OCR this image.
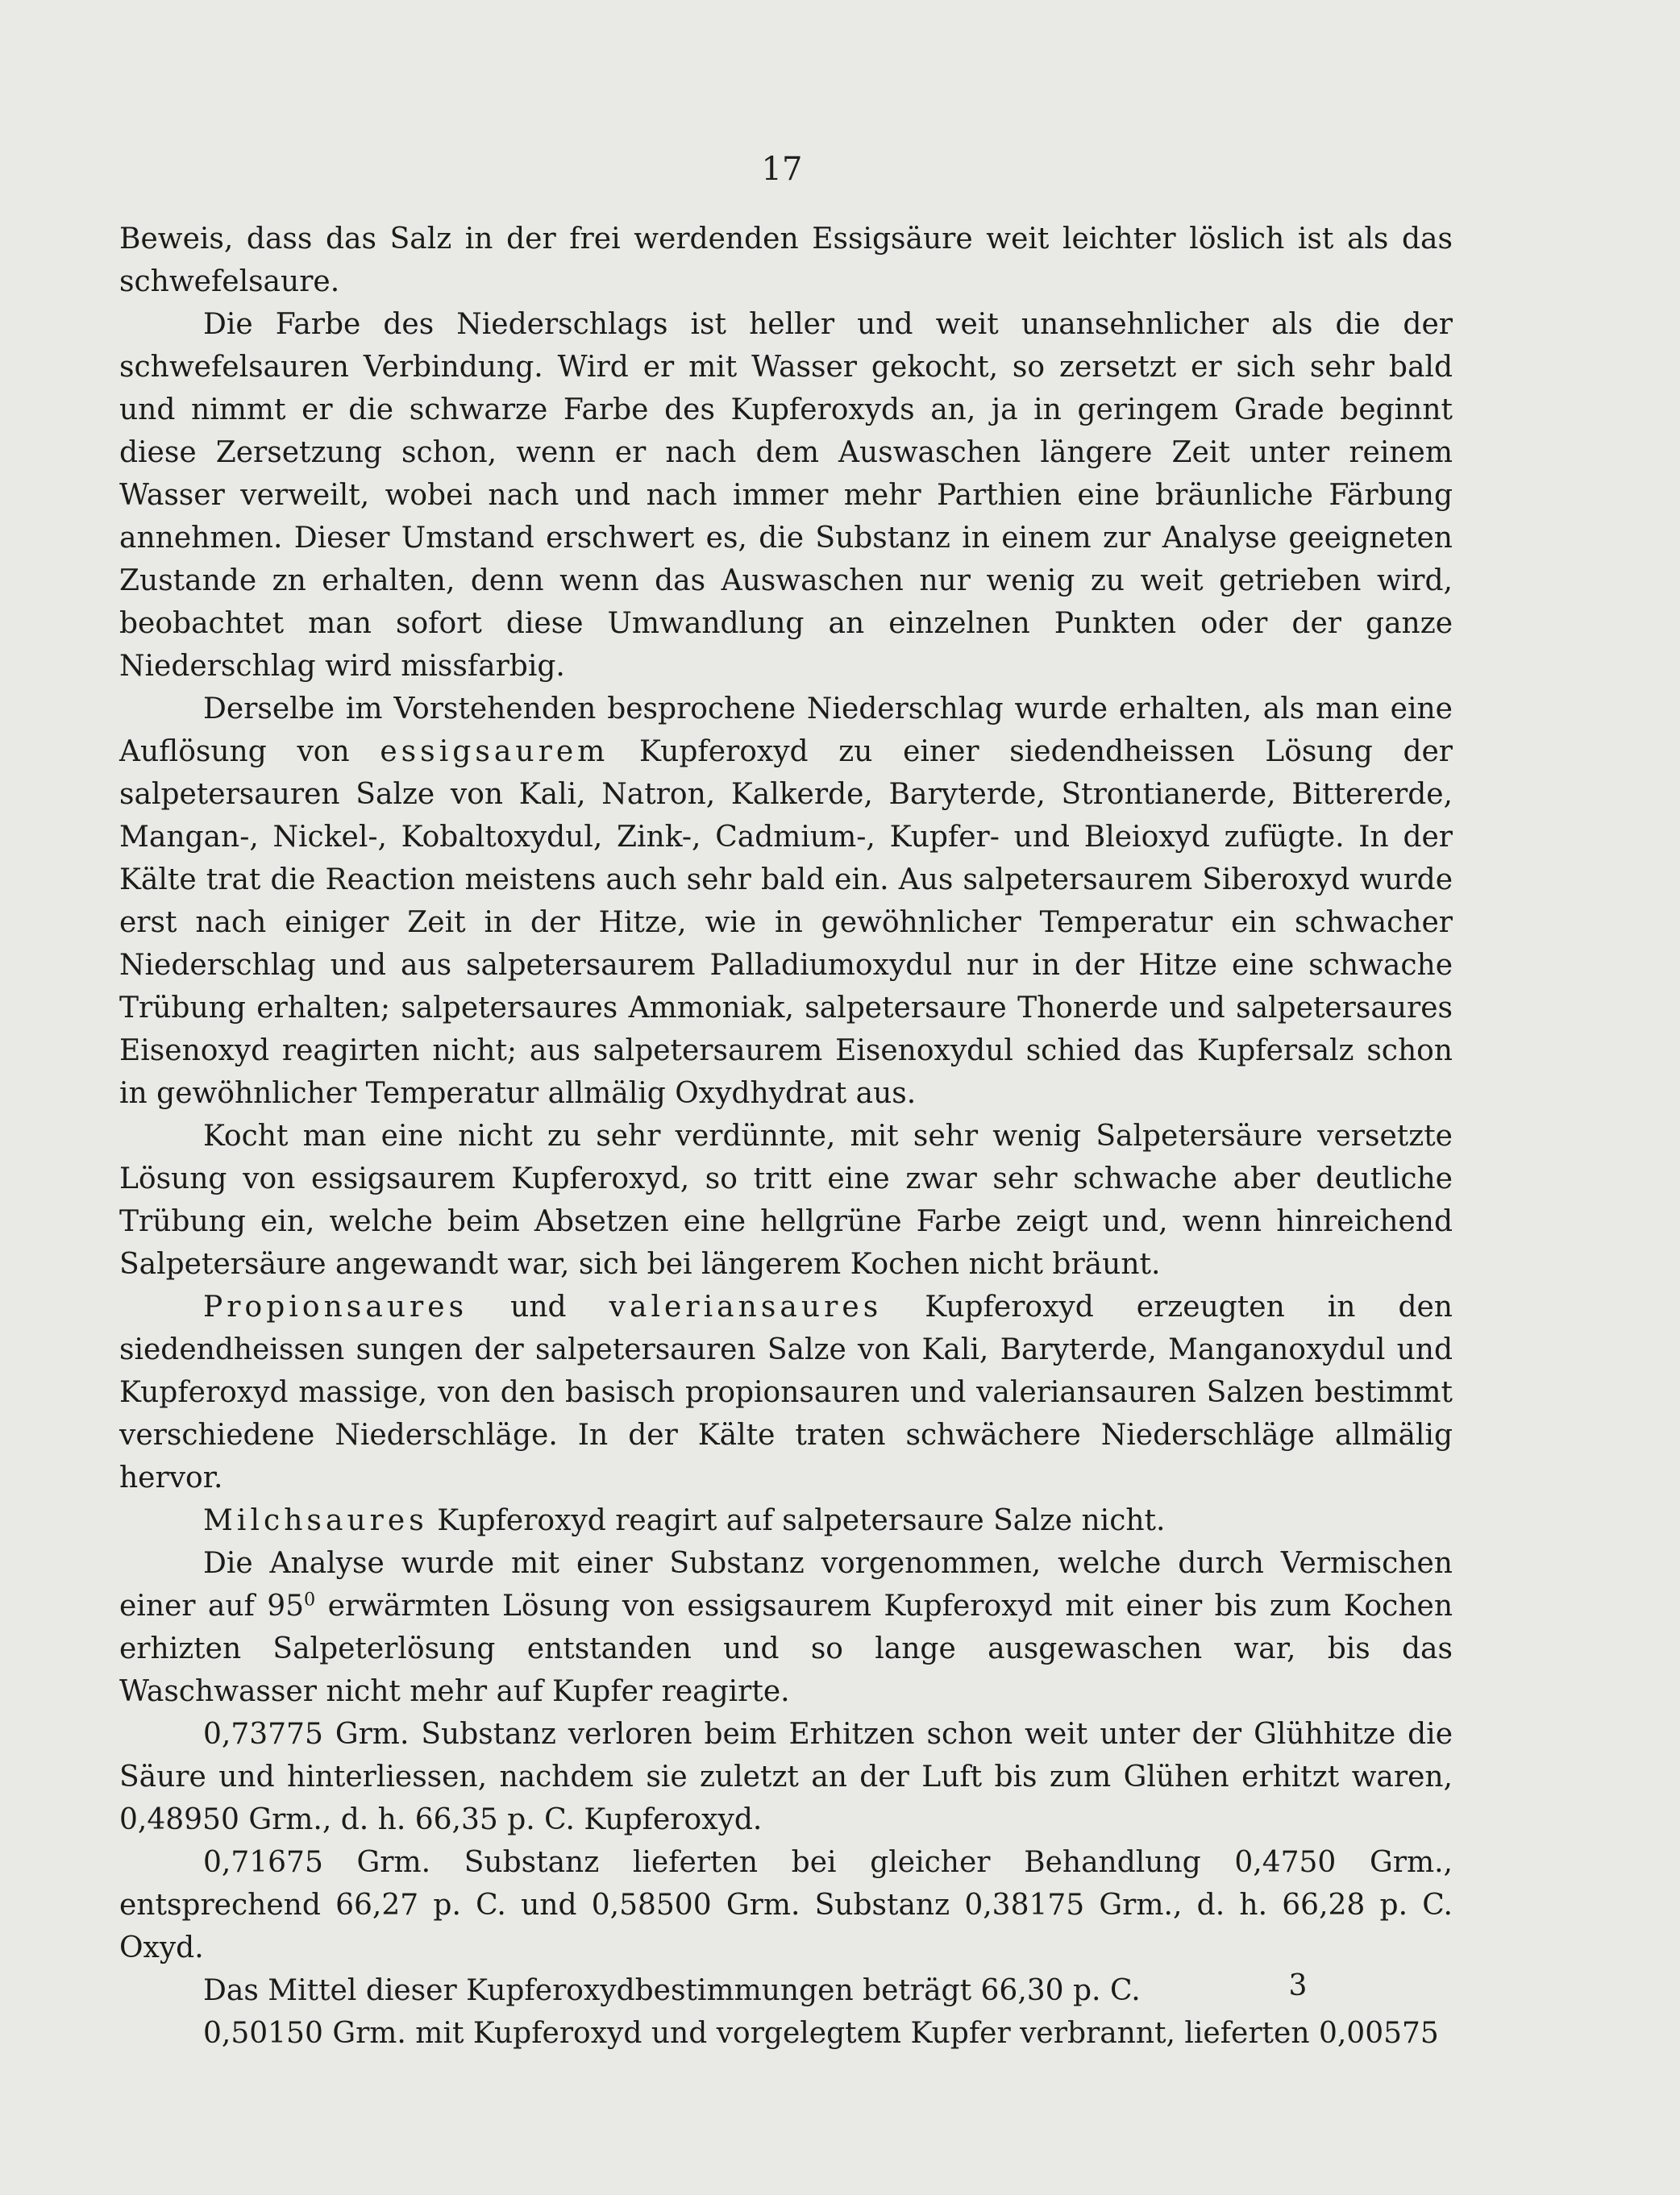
17

Beweis, dass das Salz in der frei werdenden Essigsäure weit leichter löslich ist als das schwefelsaure.

Die Farbe des Niederschlags ist heller und weit unansehnlicher als die der schwefelsauren Verbindung. Wird er mit Wasser gekocht, so zersetzt er sich sehr bald und nimmt er die schwarze Farbe des Kupferoxyds an, ja in geringem Grade beginnt diese Zersetzung schon, wenn er nach dem Auswaschen längere Zeit unter reinem Wasser verweilt, wobei nach und nach immer mehr Parthien eine bräunliche Färbung annehmen. Dieser Umstand erschwert es, die Substanz in einem zur Analyse geeigneten Zustande zn erhalten, denn wenn das Auswaschen nur wenig zu weit getrieben wird, beobachtet man sofort diese Umwandlung an einzelnen Punkten oder der ganze Niederschlag wird missfarbig.

Derselbe im Vorstehenden besprochene Niederschlag wurde erhalten, als man eine Auflösung von essigsaurem Kupferoxyd zu einer siedendheissen Lösung der salpetersauren Salze von Kali, Natron, Kalkerde, Baryterde, Strontianerde, Bittererde, Mangan-, Nickel-, Kobaltoxydul, Zink-, Cadmium-, Kupfer- und Bleioxyd zufügte. In der Kälte trat die Reaction meistens auch sehr bald ein. Aus salpetersaurem Siberoxyd wurde erst nach einiger Zeit in der Hitze, wie in gewöhnlicher Temperatur ein schwacher Niederschlag und aus salpetersaurem Palladiumoxydul nur in der Hitze eine schwache Trübung erhalten; salpetersaures Ammoniak, salpetersaure Thonerde und salpetersaures Eisenoxyd reagirten nicht; aus salpetersaurem Eisenoxydul schied das Kupfersalz schon in gewöhnlicher Temperatur allmälig Oxydhydrat aus.

Kocht man eine nicht zu sehr verdünnte, mit sehr wenig Salpetersäure versetzte Lösung von essigsaurem Kupferoxyd, so tritt eine zwar sehr schwache aber deutliche Trübung ein, welche beim Absetzen eine hellgrüne Farbe zeigt und, wenn hinreichend Salpetersäure angewandt war, sich bei längerem Kochen nicht bräunt.

Propionsaures und valeriansaures Kupferoxyd erzeugten in den siedendheissen sungen der salpetersauren Salze von Kali, Baryterde, Manganoxydul und Kupferoxyd massige, von den basisch propionsauren und valeriansauren Salzen bestimmt verschiedene Niederschläge. In der Kälte traten schwächere Niederschläge allmälig hervor.

Milchsaures Kupferoxyd reagirt auf salpetersaure Salze nicht.

Die Analyse wurde mit einer Substanz vorgenommen, welche durch Vermischen einer auf $95^0$ erwärmten Lösung von essigsaurem Kupferoxyd mit einer bis zum Kochen erhizten Salpeterlösung entstanden und so lange ausgewaschen war, bis das Waschwasser nicht mehr auf Kupfer reagirte.

0,73775 Grm. Substanz verloren beim Erhitzen schon weit unter der Glühhitze die Säure und hinterliessen, nachdem sie zuletzt an der Luft bis zum Glühen erhitzt waren, 0,48950 Grm., d. h. 66,35 p. C. Kupferoxyd.

0,71675 Grm. Substanz lieferten bei gleicher Behandlung 0,4750 Grm., entsprechend 66,27 p. C. und 0,58500 Grm. Substanz 0,38175 Grm., d. h. 66,28 p. C. Oxyd.

Das Mittel dieser Kupferoxydbestimmungen beträgt 66,30 p. C.

0,50150 Grm. mit Kupferoxyd und vorgelegtem Kupfer verbrannt, lieferten 0,00575

3
